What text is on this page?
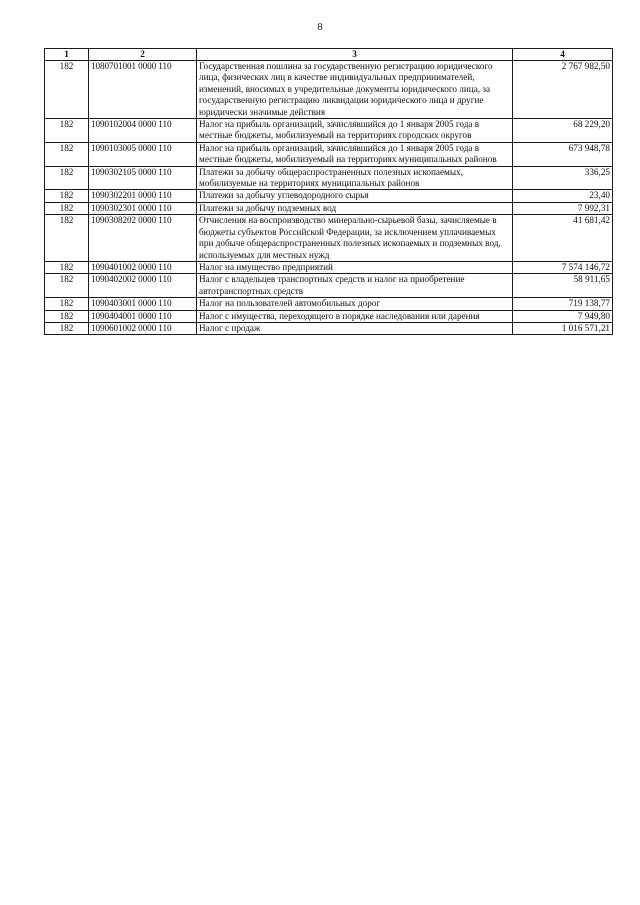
8
1	2	3	4
182	1080701001 0000 110	Государственная пошлина за государственную регистрацию юридического лица, физических лиц в качестве индивидуальных предпринимателей, изменений, вносимых в учредительные документы юридического лица, за государственную регистрацию ликвидации юридического лица и другие юридически значимые действия	2 767 982,50
182	1090102004 0000 110	Налог на прибыль организаций, зачислявшийся до 1 января 2005 года в местные бюджеты, мобилизуемый на территориях городских округов	68 229,20
182	1090103005 0000 110	Налог на прибыль организаций, зачислявшийся до 1 января 2005 года в местные бюджеты, мобилизуемый на территориях муниципальных районов	673 948,78
182	1090302105 0000 110	Платежи за добычу общераспространенных полезных ископаемых, мобилизуемые на территориях муниципальных районов	336,25
182	1090302201 0000 110	Платежи за добычу углеводородного сырья	23,40
182	1090302301 0000 110	Платежи за добычу подземных вод	7 992,31
182	1090308202 0000 110	Отчисления на воспроизводство минерально-сырьевой базы, зачисляемые в бюджеты субъектов Российской Федерации, за исключением уплачиваемых при добыче общераспространенных полезных ископаемых и подземных вод, используемых для местных нужд	41 681,42
182	1090401002 0000 110	Налог на имущество предприятий	7 574 146,72
182	1090402002 0000 110	Налог с владельцев транспортных средств и налог на приобретение автотранспортных средств	58 911,65
182	1090403001 0000 110	Налог на пользователей автомобильных дорог	719 138,77
182	1090404001 0000 110	Налог с имущества, переходящего в порядке наследования или дарения	7 949,80
182	1090601002 0000 110	Налог с продаж	1 016 571,21
